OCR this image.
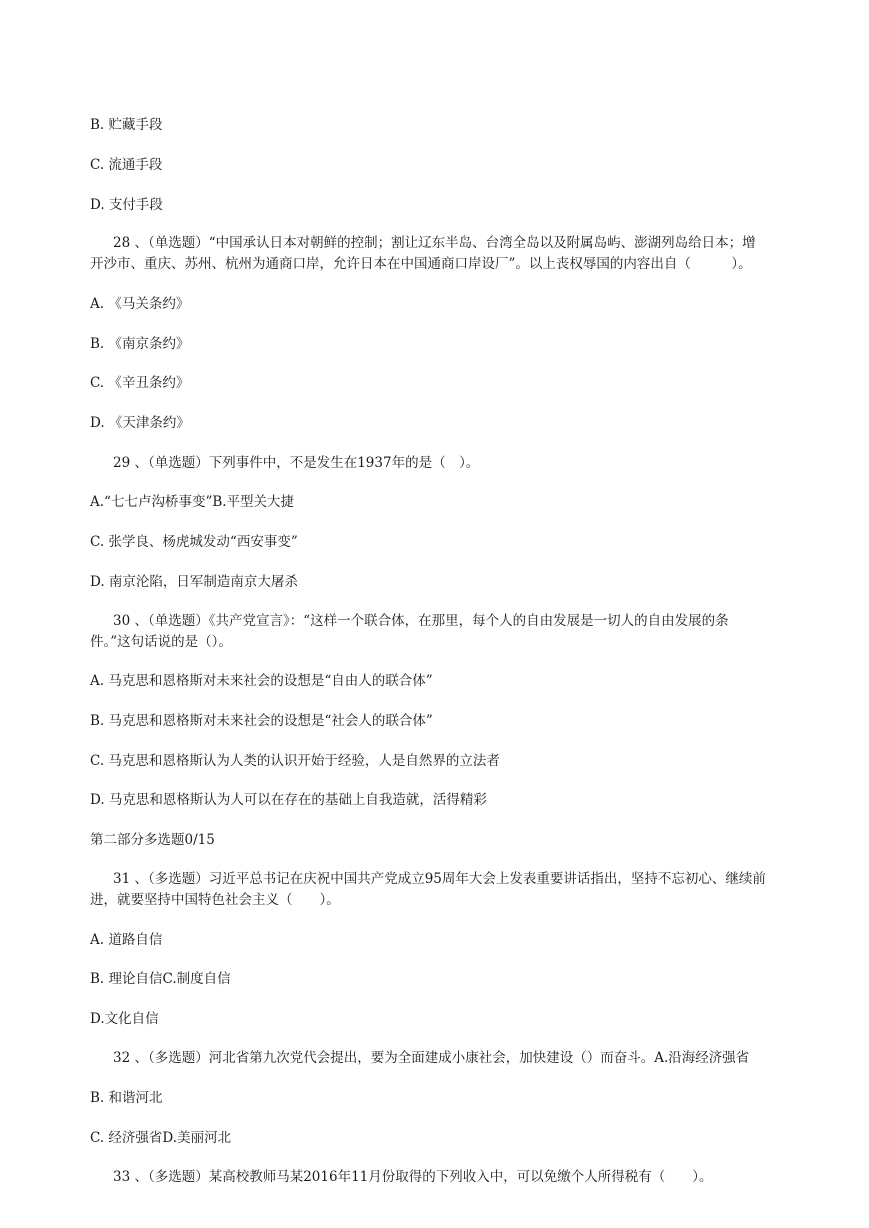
B. 贮藏手段
C. 流通手段
D. 支付手段
28 、（单选题）“中国承认日本对朝鲜的控制；割让辽东半岛、台湾全岛以及附属岛屿、澎湖列岛给日本；增
开沙市、重庆、苏州、杭州为通商口岸，允许日本在中国通商口岸设厂”。以上丧权辱国的内容出自（　　　）。
A. 《马关条约》
B. 《南京条约》
C. 《辛丑条约》
D. 《天津条约》
29 、（单选题）下列事件中，不是发生在1937年的是（　）。
A.“七七卢沟桥事变”B.平型关大捷
C. 张学良、杨虎城发动“西安事变”
D. 南京沦陷，日军制造南京大屠杀
30 、（单选题）《共产党宣言》：“这样一个联合体，在那里，每个人的自由发展是一切人的自由发展的条
件。”这句话说的是（）。
A. 马克思和恩格斯对未来社会的设想是“自由人的联合体”
B. 马克思和恩格斯对未来社会的设想是“社会人的联合体”
C. 马克思和恩格斯认为人类的认识开始于经验，人是自然界的立法者
D. 马克思和恩格斯认为人可以在存在的基础上自我造就，活得精彩
第二部分多选题0/15
31 、（多选题）习近平总书记在庆祝中国共产党成立95周年大会上发表重要讲话指出，坚持不忘初心、继续前
进，就要坚持中国特色社会主义（　　）。
A. 道路自信
B. 理论自信C.制度自信
D.文化自信
32 、（多选题）河北省第九次党代会提出，要为全面建成小康社会，加快建设（）而奋斗。A.沿海经济强省
B. 和谐河北
C. 经济强省D.美丽河北
33 、（多选题）某高校教师马某2016年11月份取得的下列收入中，可以免缴个人所得税有（　　）。
